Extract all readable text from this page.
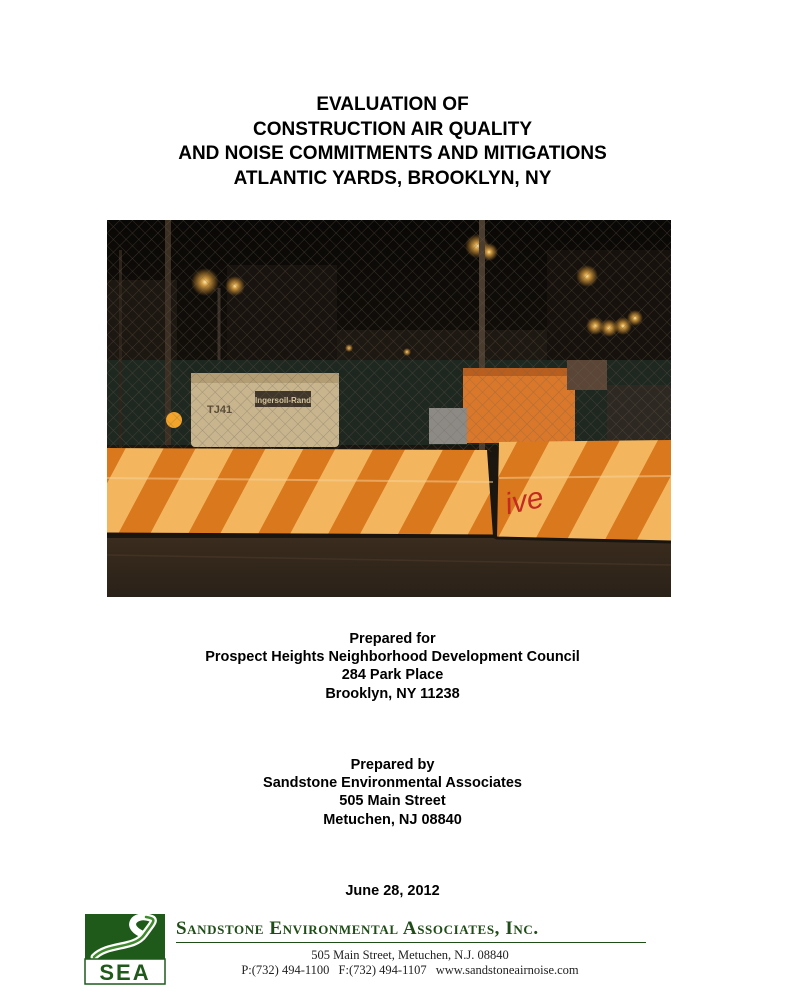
EVALUATION OF
CONSTRUCTION AIR QUALITY
AND NOISE COMMITMENTS AND MITIGATIONS
ATLANTIC YARDS, BROOKLYN, NY
ive
Prepared for
Prospect Heights Neighborhood Development Council
284 Park Place
Brooklyn, NY 11238
Prepared by
Sandstone Environmental Associates
505 Main Street
Metuchen, NJ 08840
June 28, 2012
SEA
Sandstone Environmental Associates, Inc.
505 Main Street, Metuchen, N.J. 08840
P:(732) 494-1100 F:(732) 494-1107 www.sandstoneairnoise.com
